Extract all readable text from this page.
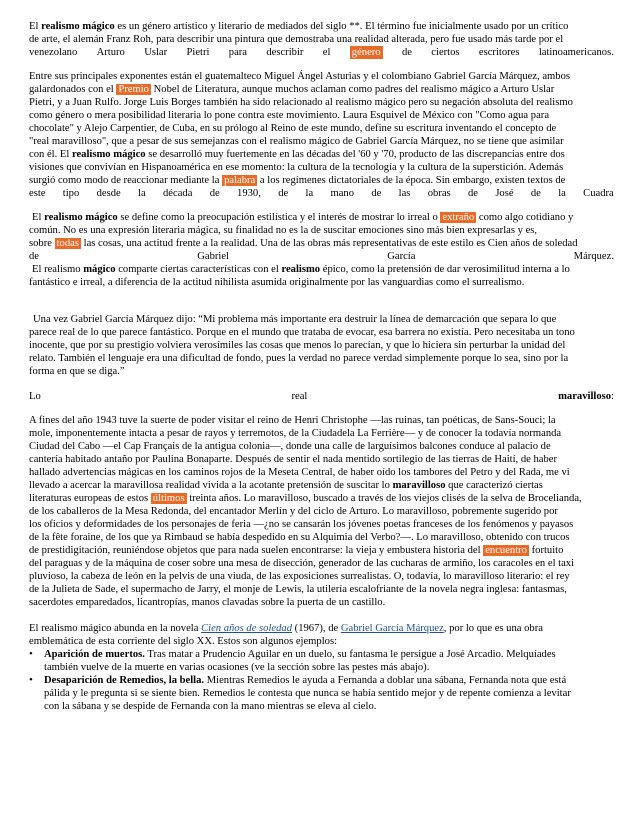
El realismo mágico es un género artístico y literario de mediados del siglo **. El término fue inicialmente usado por un crítico
de arte, el alemán Franz Roh, para describir una pintura que demostraba una realidad alterada, pero fue usado más tarde por el
venezolano Arturo Uslar Pietri para describir el género de ciertos escritores latinoamericanos.
Entre sus principales exponentes están el guatemalteco Miguel Ángel Asturias y el colombiano Gabriel García Márquez, ambos
galardonados con el Premio Nobel de Literatura, aunque muchos aclaman como padres del realismo mágico a Arturo Uslar
Pietri, y a Juan Rulfo. Jorge Luis Borges también ha sido relacionado al realismo mágico pero su negación absoluta del realismo
como género o mera posibilidad literaria lo pone contra este movimiento. Laura Esquivel de México con "Como agua para
chocolate" y Alejo Carpentier, de Cuba, en su prólogo al Reino de este mundo, define su escritura inventando el concepto de
"real maravilloso", que a pesar de sus semejanzas con el realismo mágico de Gabriel García Márquez, no se tiene que asimilar
con él. El realismo mágico se desarrolló muy fuertemente en las décadas del '60 y '70, producto de las discrepancias entre dos
visiones que convivían en Hispanoamérica en ese momento: la cultura de la tecnología y la cultura de la superstición. Además
surgió como modo de reaccionar mediante la palabra a los regímenes dictatoriales de la época. Sin embargo, existen textos de
este tipo desde la década de 1930, de la mano de las obras de José de la Cuadra
El realismo mágico se define como la preocupación estilística y el interés de mostrar lo irreal o extraño como algo cotidiano y
común. No es una expresión literaria mágica, su finalidad no es la de suscitar emociones sino más bien expresarlas y es,
sobre todas las cosas, una actitud frente a la realidad. Una de las obras más representativas de este estilo es Cien años de soledad
de	Gabriel	García	Márquez.
El realismo mágico comparte ciertas características con el realismo épico, como la pretensión de dar verosimilitud interna a lo
fantástico e irreal, a diferencia de la actitud nihilista asumida originalmente por las vanguardias como el surrealismo.
Una vez Gabriel García Márquez dijo: “Mi problema más importante era destruir la línea de demarcación que separa lo que
parece real de lo que parece fantástico. Porque en el mundo que trataba de evocar, esa barrera no existía. Pero necesitaba un tono
inocente, que por su prestigio volviera verosímiles las cosas que menos lo parecían, y que lo hiciera sin perturbar la unidad del
relato. También el lenguaje era una dificultad de fondo, pues la verdad no parece verdad simplemente porque lo sea, sino por la
forma en que se diga.”
Lo	real	maravilloso:
A fines del año 1943 tuve la suerte de poder visitar el reino de Henri Christophe —las ruinas, tan poéticas, de Sans-Souci; la
mole, imponentemente intacta a pesar de rayos y terremotos, de la Ciudadela La Ferrière— y de conocer la todavía normanda
Ciudad del Cabo —el Cap Français de la antigua colonia—, donde una calle de larguísimos balcones conduce al palacio de
cantería habitado antaño por Paulina Bonaparte. Después de sentir el nada mentido sortilegio de las tierras de Haití, de haber
hallado advertencias mágicas en los caminos rojos de la Meseta Central, de haber oído los tambores del Petro y del Rada, me vi
llevado a acercar la maravillosa realidad vivida a la acotante pretensión de suscitar lo maravilloso que caracterizó ciertas
literaturas europeas de estos últimos treinta años. Lo maravilloso, buscado a través de los viejos clisés de la selva de Brocelianda,
de los caballeros de la Mesa Redonda, del encantador Merlín y del ciclo de Arturo. Lo maravilloso, pobremente sugerido por
los oficios y deformidades de los personajes de feria —¿no se cansarán los jóvenes poetas franceses de los fenómenos y payasos
de la fête foraine, de los que ya Rimbaud se había despedido en su Alquimia del Verbo?—. Lo maravilloso, obtenido con trucos
de prestidigitación, reuniéndose objetos que para nada suelen encontrarse: la vieja y embustera historia del encuentro fortuito
del paraguas y de la máquina de coser sobre una mesa de disección, generador de las cucharas de armiño, los caracoles en el taxi
pluvioso, la cabeza de león en la pelvis de una viuda, de las exposiciones surrealistas. O, todavía, lo maravilloso literario: el rey
de la Julieta de Sade, el supermacho de Jarry, el monje de Lewis, la utilería escalofriante de la novela negra inglesa: fantasmas,
sacerdotes emparedados, licantropías, manos clavadas sobre la puerta de un castillo.
El realismo mágico abunda en la novela Cien años de soledad (1967), de Gabriel García Márquez, por lo que es una obra
emblemática de esta corriente del siglo XX. Estos son algunos ejemplos:
• Aparición de muertos. Tras matar a Prudencio Aguilar en un duelo, su fantasma le persigue a José Arcadio. Melquíades
también vuelve de la muerte en varias ocasiones (ve la sección sobre las pestes más abajo).
• Desaparición de Remedios, la bella. Mientras Remedios le ayuda a Fernanda a doblar una sábana, Fernanda nota que está
pálida y le pregunta si se siente bien. Remedios le contesta que nunca se había sentido mejor y de repente comienza a levitar
con la sábana y se despide de Fernanda con la mano mientras se eleva al cielo.
